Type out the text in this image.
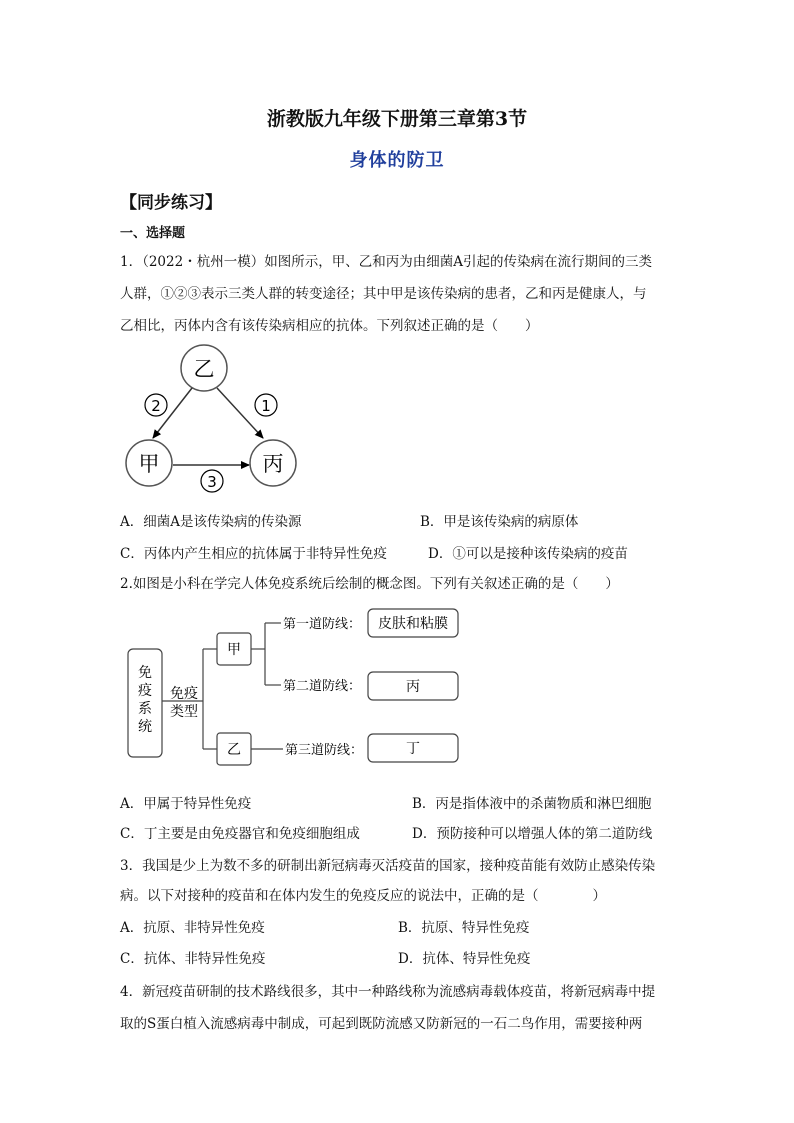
浙教版九年级下册第三章第3节
身体的防卫
【同步练习】
一、选择题
1．（2022・杭州一模）如图所示，甲、乙和丙为由细菌A引起的传染病在流行期间的三类
人群，①②③表示三类人群的转变途径；其中甲是该传染病的患者，乙和丙是健康人，与
乙相比，丙体内含有该传染病相应的抗体。下列叙述正确的是（　　）
乙
甲	丙
2	1
3
A．细菌A是该传染病的传染源	B．甲是该传染病的病原体
C．丙体内产生相应的抗体属于非特异性免疫	D．①可以是接种该传染病的疫苗
2.如图是小科在学完人体免疫系统后绘制的概念图。下列有关叙述正确的是（　　）
免
疫
系
统
免疫
类型
甲
乙
第一道防线：
第二道防线：
第三道防线：
皮肤和粘膜
丙
丁
A．甲属于特异性免疫	B．丙是指体液中的杀菌物质和淋巴细胞
C．丁主要是由免疫器官和免疫细胞组成	D．预防接种可以增强人体的第二道防线
3．我国是少上为数不多的研制出新冠病毒灭活疫苗的国家，接种疫苗能有效防止感染传染
病。以下对接种的疫苗和在体内发生的免疫反应的说法中，正确的是（　　　　）
A．抗原、非特异性免疫	B．抗原、特异性免疫
C．抗体、非特异性免疫	D．抗体、特异性免疫
4．新冠疫苗研制的技术路线很多，其中一种路线称为流感病毒载体疫苗，将新冠病毒中提
取的S蛋白植入流感病毒中制成，可起到既防流感又防新冠的一石二鸟作用，需要接种两
